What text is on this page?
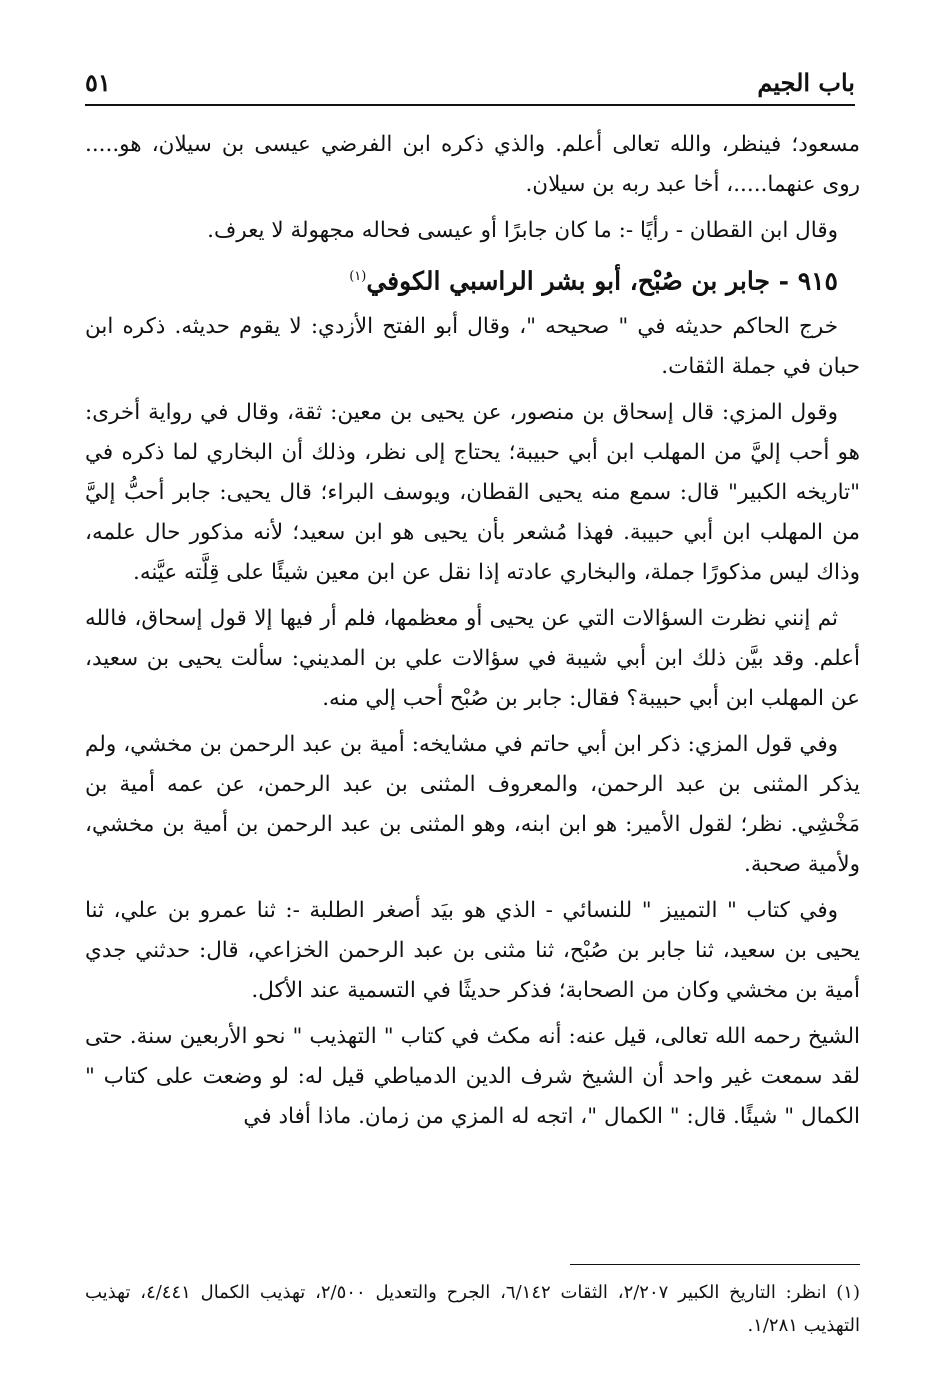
باب الجيم
٥١

مسعود؛ فينظر، والله تعالى أعلم. والذي ذكره ابن الفرضي عيسى بن سيلان، هو..... روى عنهما.....، أخا عبد ربه بن سيلان.

وقال ابن القطان - رأيًا -: ما كان جابرًا أو عيسى فحاله مجهولة لا يعرف.

٩١٥ - جابر بن صُبْح، أبو بشر الراسبي الكوفي$^{(١)}$

خرج الحاكم حديثه في " صحيحه "، وقال أبو الفتح الأزدي: لا يقوم حديثه. ذكره ابن حبان في جملة الثقات.

وقول المزي: قال إسحاق بن منصور، عن يحيى بن معين: ثقة، وقال في رواية أخرى: هو أحب إليَّ من المهلب ابن أبي حبيبة؛ يحتاج إلى نظر، وذلك أن البخاري لما ذكره في "تاريخه الكبير" قال: سمع منه يحيى القطان، ويوسف البراء؛ قال يحيى: جابر أحبُّ إليَّ من المهلب ابن أبي حبيبة. فهذا مُشعر بأن يحيى هو ابن سعيد؛ لأنه مذكور حال علمه، وذاك ليس مذكورًا جملة، والبخاري عادته إذا نقل عن ابن معين شيئًا على قِلَّته عيَّنه.

ثم إنني نظرت السؤالات التي عن يحيى أو معظمها، فلم أر فيها إلا قول إسحاق، فالله أعلم. وقد بيَّن ذلك ابن أبي شيبة في سؤالات علي بن المديني: سألت يحيى بن سعيد، عن المهلب ابن أبي حبيبة؟ فقال: جابر بن صُبْح أحب إلي منه.

وفي قول المزي: ذكر ابن أبي حاتم في مشايخه: أمية بن عبد الرحمن بن مخشي، ولم يذكر المثنى بن عبد الرحمن، والمعروف المثنى بن عبد الرحمن، عن عمه أمية بن مَخْشِي. نظر؛ لقول الأمير: هو ابن ابنه، وهو المثنى بن عبد الرحمن بن أمية بن مخشي، ولأمية صحبة.

وفي كتاب " التمييز " للنسائي - الذي هو بيَد أصغر الطلبة -: ثنا عمرو بن علي، ثنا يحيى بن سعيد، ثنا جابر بن صُبْح، ثنا مثنى بن عبد الرحمن الخزاعي، قال: حدثني جدي أمية بن مخشي وكان من الصحابة؛ فذكر حديثًا في التسمية عند الأكل.

الشيخ رحمه الله تعالى، قيل عنه: أنه مكث في كتاب " التهذيب " نحو الأربعين سنة. حتى لقد سمعت غير واحد أن الشيخ شرف الدين الدمياطي قيل له: لو وضعت على كتاب " الكمال " شيئًا. قال: " الكمال "، اتجه له المزي من زمان. ماذا أفاد في

(١) انظر: التاريخ الكبير ٢/٢٠٧، الثقات ٦/١٤٢، الجرح والتعديل ٢/٥٠٠، تهذيب الكمال ٤/٤٤١، تهذيب التهذيب ١/٢٨١.
